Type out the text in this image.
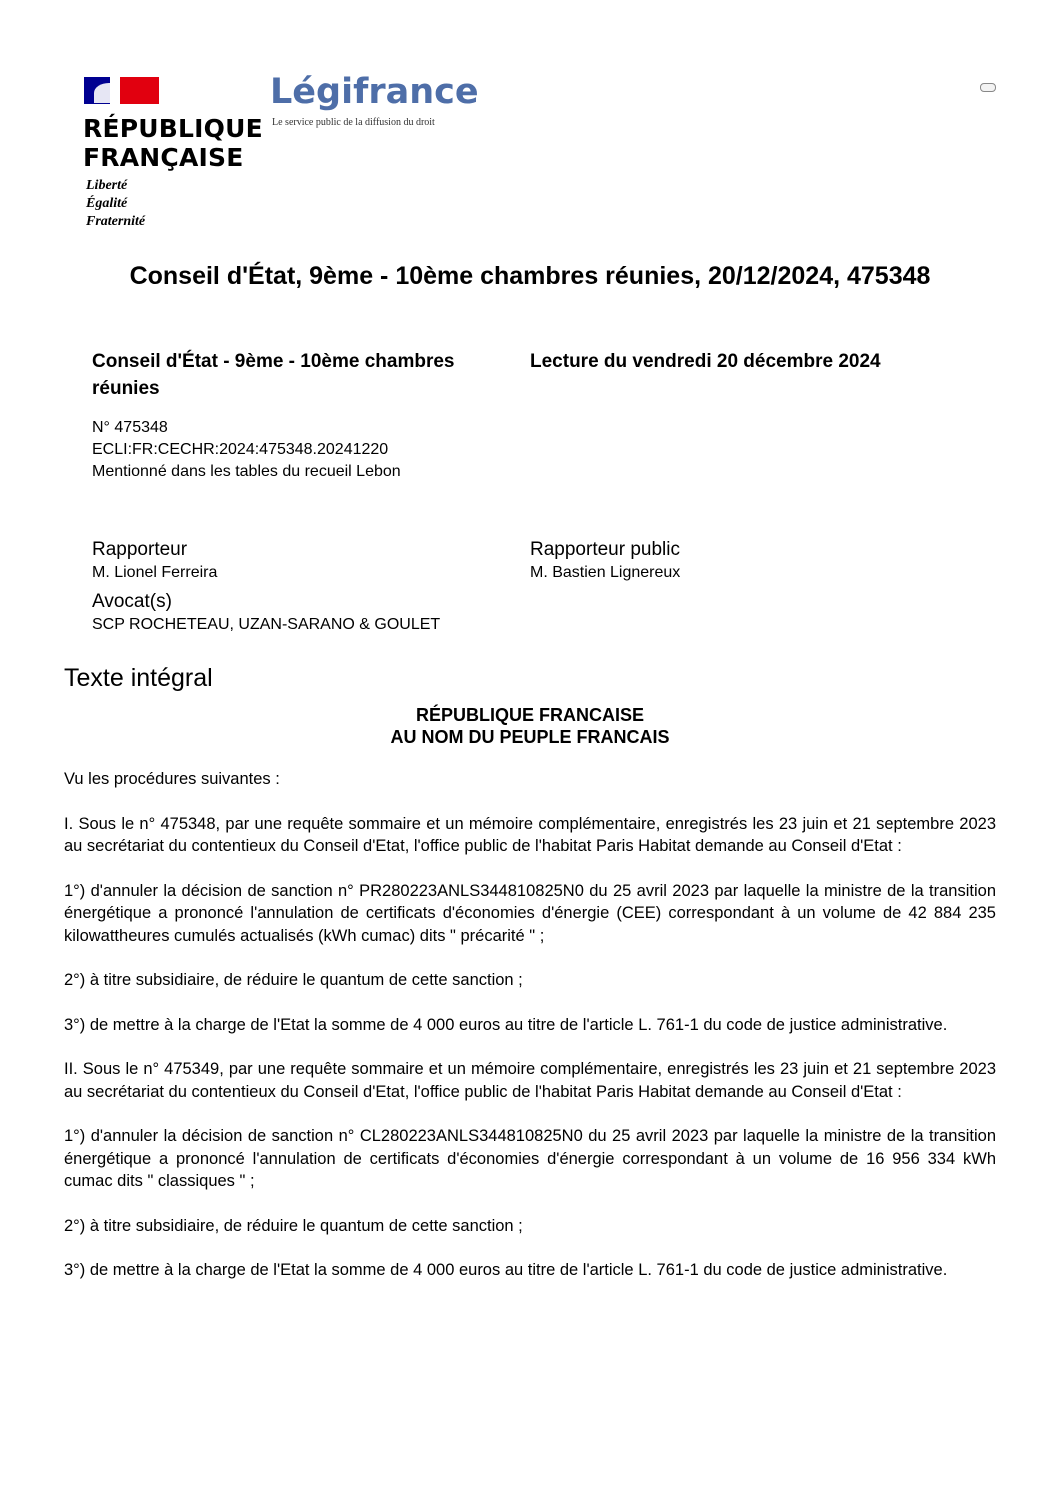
RÉPUBLIQUE
FRANÇAISE
Liberté
Égalité
Fraternité
Légifrance
Le service public de la diffusion du droit
Conseil d'État, 9ème - 10ème chambres réunies, 20/12/2024, 475348
Conseil d'État - 9ème - 10ème chambres réunies
N° 475348
ECLI:FR:CECHR:2024:475348.20241220
Mentionné dans les tables du recueil Lebon
Lecture du vendredi 20 décembre 2024
Rapporteur
M. Lionel Ferreira
Rapporteur public
M. Bastien Lignereux
Avocat(s)
SCP ROCHETEAU, UZAN-SARANO & GOULET
Texte intégral
RÉPUBLIQUE FRANCAISE
AU NOM DU PEUPLE FRANCAIS

Vu les procédures suivantes :

I. Sous le n° 475348, par une requête sommaire et un mémoire complémentaire, enregistrés les 23 juin et 21 septembre 2023 au secrétariat du contentieux du Conseil d'Etat, l'office public de l'habitat Paris Habitat demande au Conseil d'Etat :

1°) d'annuler la décision de sanction n° PR280223ANLS344810825N0 du 25 avril 2023 par laquelle la ministre de la transition énergétique a prononcé l'annulation de certificats d'économies d'énergie (CEE) correspondant à un volume de 42 884 235 kilowattheures cumulés actualisés (kWh cumac) dits " précarité " ;

2°) à titre subsidiaire, de réduire le quantum de cette sanction ;

3°) de mettre à la charge de l'Etat la somme de 4 000 euros au titre de l'article L. 761-1 du code de justice administrative.

II. Sous le n° 475349, par une requête sommaire et un mémoire complémentaire, enregistrés les 23 juin et 21 septembre 2023 au secrétariat du contentieux du Conseil d'Etat, l'office public de l'habitat Paris Habitat demande au Conseil d'Etat :

1°) d'annuler la décision de sanction n° CL280223ANLS344810825N0 du 25 avril 2023 par laquelle la ministre de la transition énergétique a prononcé l'annulation de certificats d'économies d'énergie correspondant à un volume de 16 956 334 kWh cumac dits " classiques " ;

2°) à titre subsidiaire, de réduire le quantum de cette sanction ;

3°) de mettre à la charge de l'Etat la somme de 4 000 euros au titre de l'article L. 761-1 du code de justice administrative.
